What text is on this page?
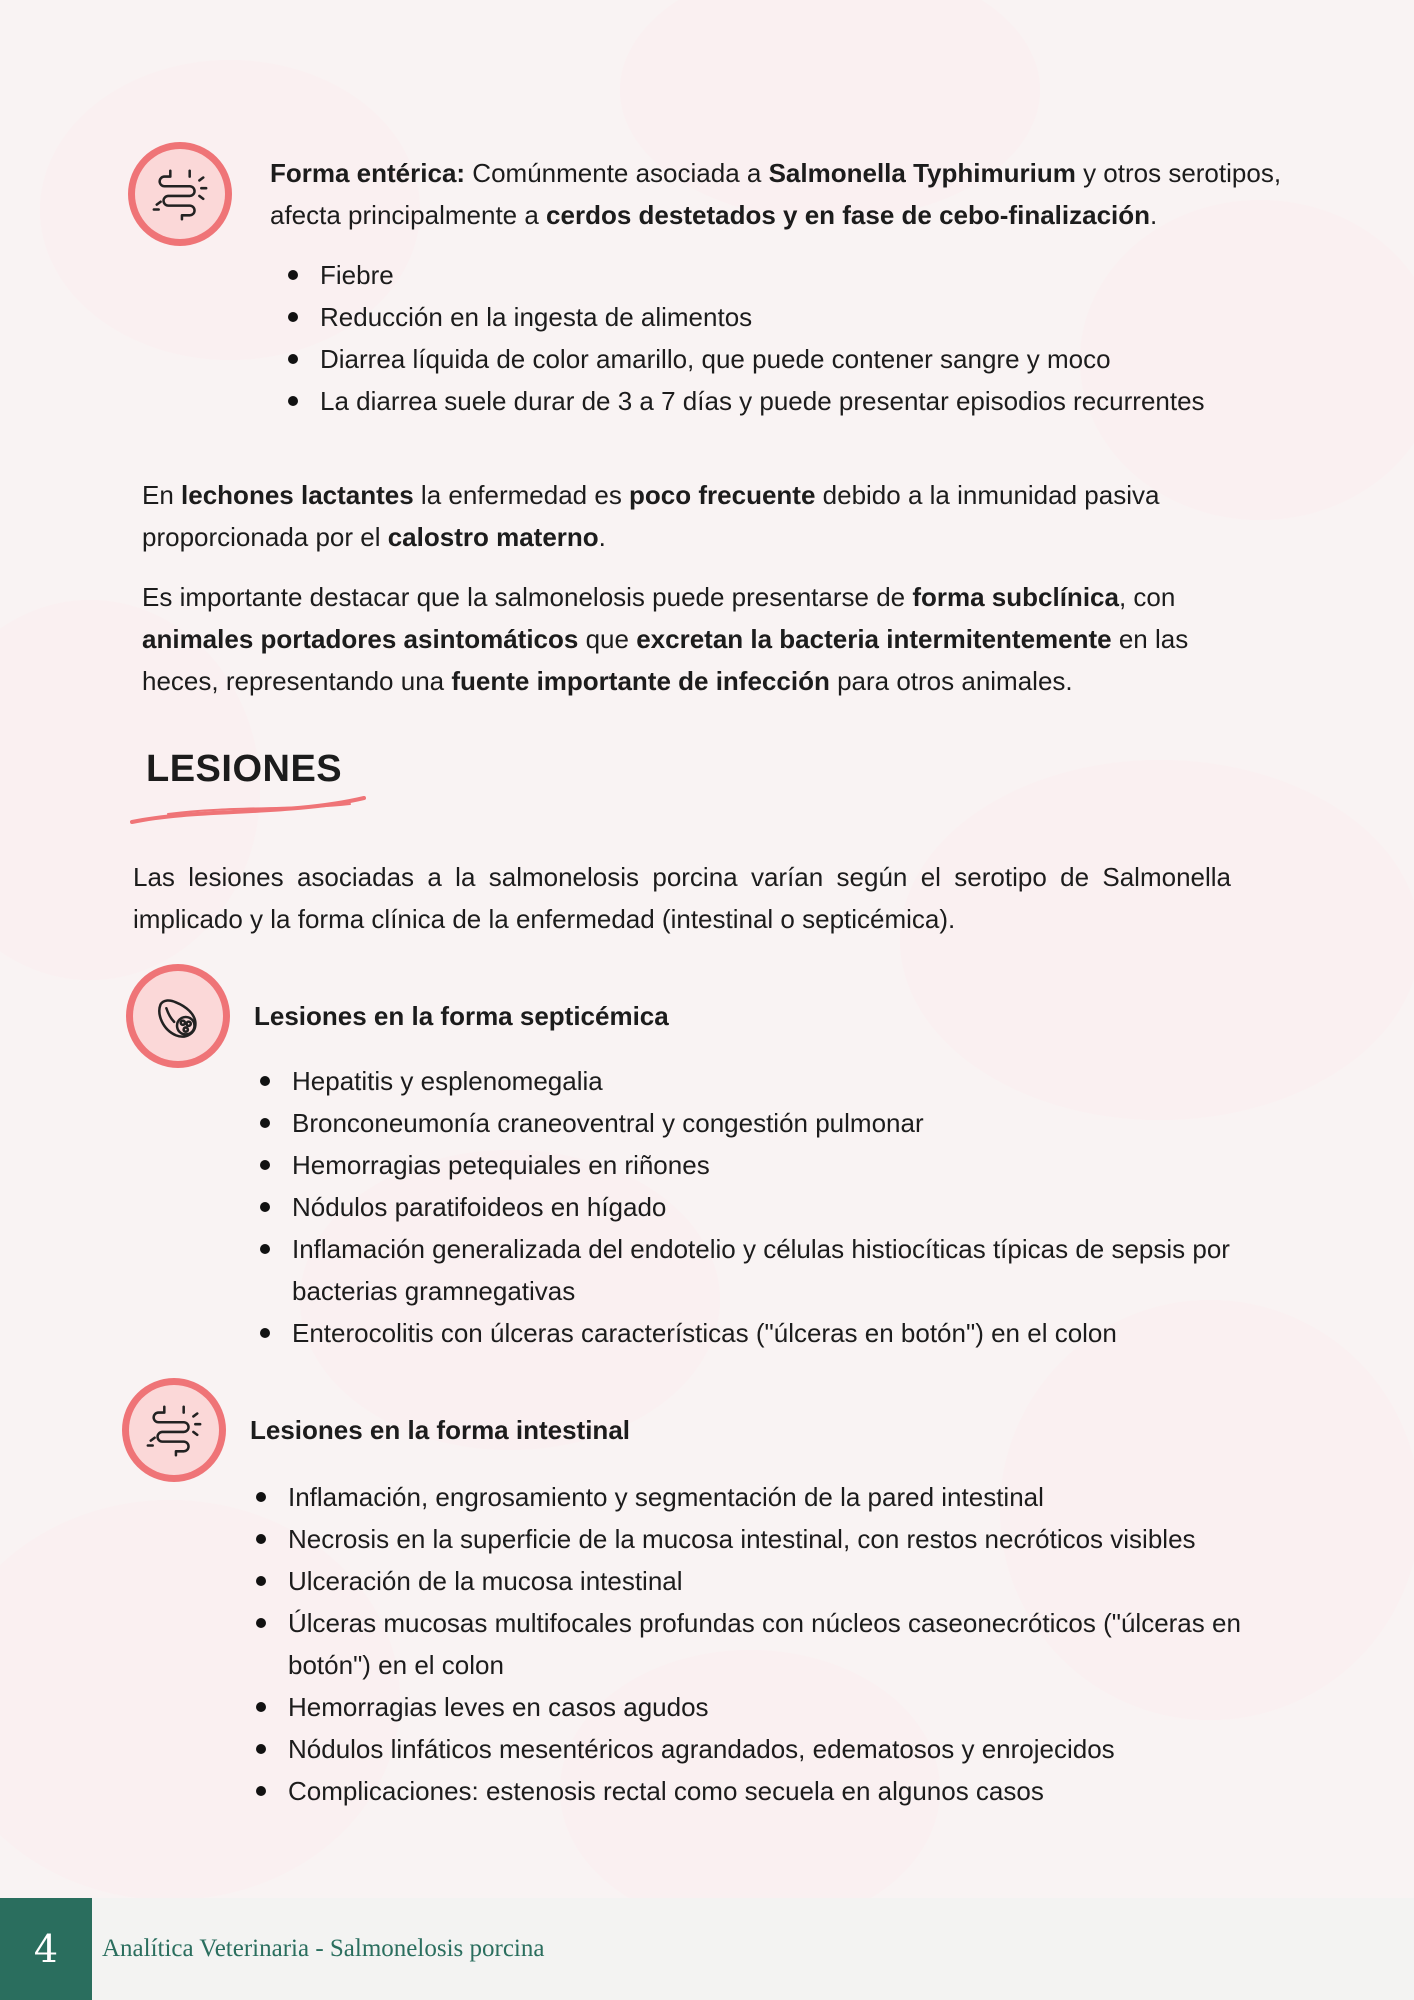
Forma entérica: Comúnmente asociada a Salmonella Typhimurium y otros serotipos, afecta principalmente a cerdos destetados y en fase de cebo-finalización.
Fiebre
Reducción en la ingesta de alimentos
Diarrea líquida de color amarillo, que puede contener sangre y moco
La diarrea suele durar de 3 a 7 días y puede presentar episodios recurrentes
En lechones lactantes la enfermedad es poco frecuente debido a la inmunidad pasiva proporcionada por el calostro materno.
Es importante destacar que la salmonelosis puede presentarse de forma subclínica, con animales portadores asintomáticos que excretan la bacteria intermitentemente en las heces, representando una fuente importante de infección para otros animales.
LESIONES
Las lesiones asociadas a la salmonelosis porcina varían según el serotipo de Salmonella implicado y la forma clínica de la enfermedad (intestinal o septicémica).
Lesiones en la forma septicémica
Hepatitis y esplenomegalia
Bronconeumonía craneoventral y congestión pulmonar
Hemorragias petequiales en riñones
Nódulos paratifoideos en hígado
Inflamación generalizada del endotelio y células histiocíticas típicas de sepsis por bacterias gramnegativas
Enterocolitis con úlceras características ("úlceras en botón") en el colon
Lesiones en la forma intestinal
Inflamación, engrosamiento y segmentación de la pared intestinal
Necrosis en la superficie de la mucosa intestinal, con restos necróticos visibles
Ulceración de la mucosa intestinal
Úlceras mucosas multifocales profundas con núcleos caseonecróticos ("úlceras en botón") en el colon
Hemorragias leves en casos agudos
Nódulos linfáticos mesentéricos agrandados, edematosos y enrojecidos
Complicaciones: estenosis rectal como secuela en algunos casos
4	Analítica Veterinaria - Salmonelosis porcina
